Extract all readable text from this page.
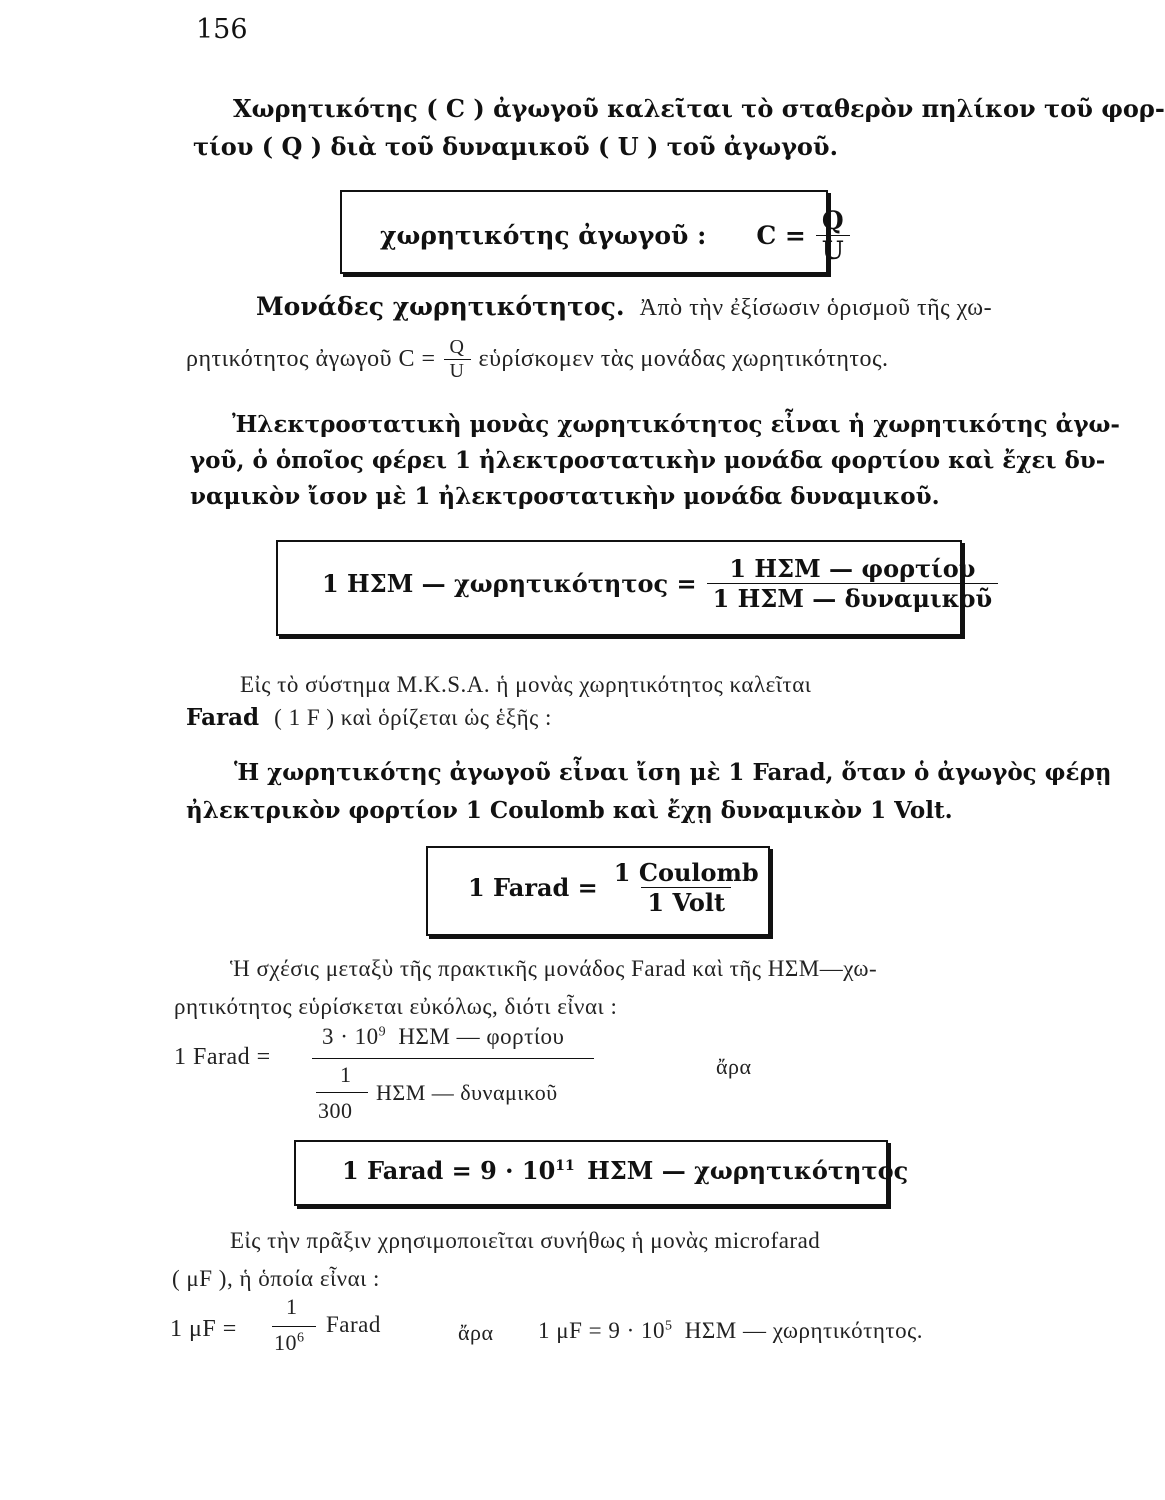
156
Χωρητικότης ( C ) ἀγωγοῦ καλεῖται τὸ σταθερὸν πηλίκον τοῦ φορ-
τίου ( Q ) διὰ τοῦ δυναμικοῦ ( U ) τοῦ ἀγωγοῦ.
χωρητικότης ἀγωγοῦ : $C = \frac{Q}{U}$
Μονάδες χωρητικότητος. Ἀπὸ τὴν ἐξίσωσιν ὁρισμοῦ τῆς χω-
ρητικότητος ἀγωγοῦ $C = \frac{Q}{U}$ εὑρίσκομεν τὰς μονάδας χωρητικότητος.
Ἠλεκτροστατικὴ μονὰς χωρητικότητος εἶναι ἡ χωρητικότης ἀγω-
γοῦ, ὁ ὁποῖος φέρει 1 ἠλεκτροστατικὴν μονάδα φορτίου καὶ ἔχει δυ-
ναμικὸν ἴσον μὲ 1 ἠλεκτροστατικὴν μονάδα δυναμικοῦ.
1 ΗΣΜ — $\chi\omega\rho\eta\tau\iota\kappa ό\tau\eta\tau o\varsigma = \frac{\text{1 ΗΣΜ — φορτίου}}{\text{1 ΗΣΜ — δυναμικοῦ}}$
Εἰς τὸ σύστημα M.K.S.A. ἡ μονὰς χωρητικότητος καλεῖται
Farad ( 1 F ) καὶ ὁρίζεται ὡς ἑξῆς :
Ἡ χωρητικότης ἀγωγοῦ εἶναι ἴση μὲ 1 Farad, ὅταν ὁ ἀγωγὸς φέρῃ
ἠλεκτρικὸν φορτίον 1 Coulomb καὶ ἔχῃ δυναμικὸν 1 Volt.
1 Farad = $\frac{\text{1 Coulomb}}{\text{1 Volt}}$
Ἡ σχέσις μεταξὺ τῆς πρακτικῆς μονάδος Farad καὶ τῆς ΗΣΜ—χω-
ρητικότητος εὑρίσκεται εὐκόλως, διότι εἶναι :
1 Farad =
$3 \cdot 10^9$ ΗΣΜ — φορτίου
1
300
ΗΣΜ — δυναμικοῦ
ἄρα
1 Farad = $9 \cdot 10^{11}$ ΗΣΜ — χωρητικότητος
Εἰς τὴν πρᾶξιν χρησιμοποιεῖται συνήθως ἡ μονὰς microfarad
( μF ), ἡ ὁποία εἶναι :
1 μF =
1
$10^6$
Farad	ἄρα 1 $\mu F = 9 \cdot 10^5$ ΗΣΜ — χωρητικότητος.
